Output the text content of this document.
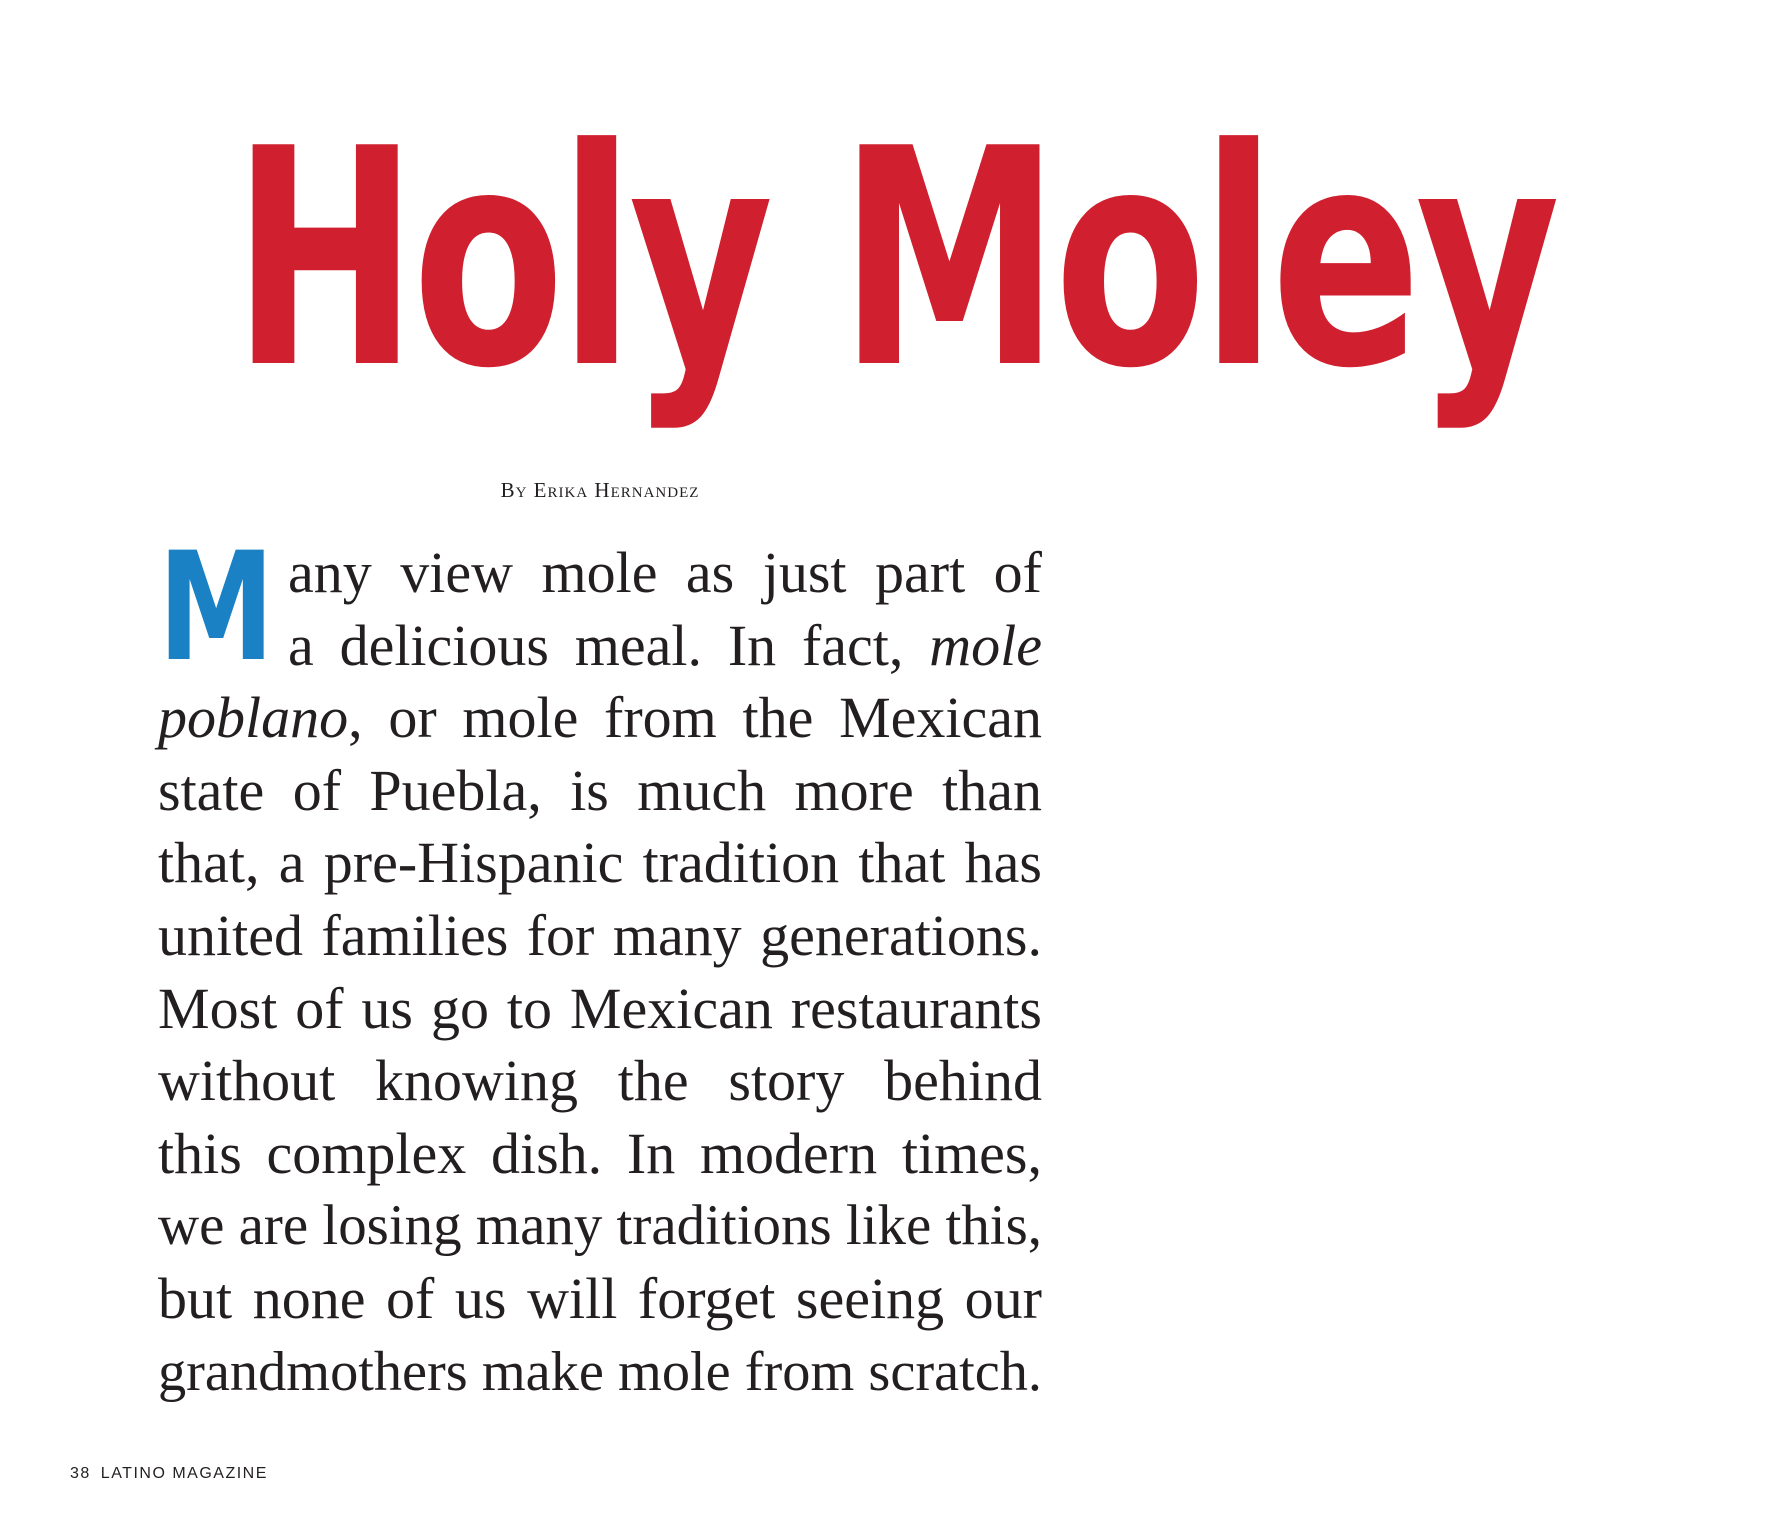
Holy Moley
By Erika Hernandez
M any view mole as just part of
a delicious meal. In fact, mole
poblano, or mole from the Mexican
state of Puebla, is much more than
that, a pre-Hispanic tradition that has
united families for many generations.
Most of us go to Mexican restaurants
without knowing the story behind
this complex dish. In modern times,
we are losing many traditions like this,
but none of us will forget seeing our
grandmothers make mole from scratch.
38 LATINO MAGAZINE
